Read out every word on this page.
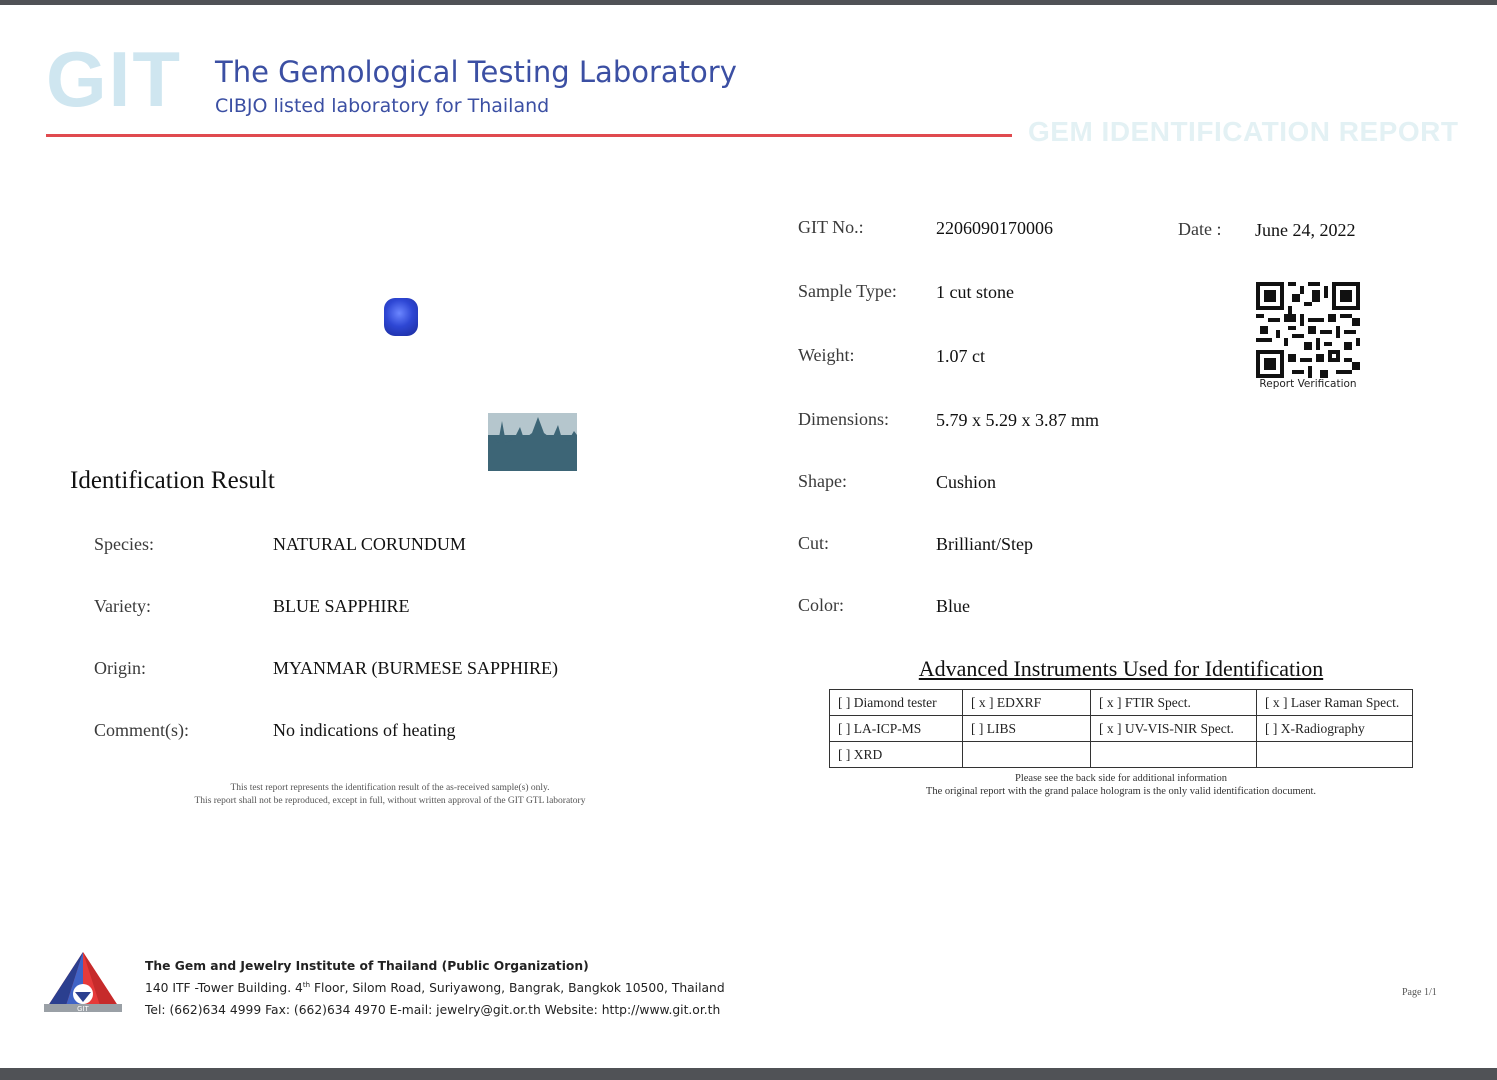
GIT The Gemological Testing Laboratory
CIBJO listed laboratory for Thailand
GEM IDENTIFICATION REPORT
Identification Result
Species:	NATURAL CORUNDUM
Variety:	BLUE SAPPHIRE
Origin:	MYANMAR (BURMESE SAPPHIRE)
Comment(s):	No indications of heating
This test report represents the identification result of the as-received sample(s) only.
This report shall not be reproduced, except in full, without written approval of the GIT GTL laboratory
GIT No.:	2206090170006	Date : June 24, 2022
Sample Type: 1 cut stone
Weight:	1.07 ct
Dimensions:	5.79 x 5.29 x 3.87 mm
Shape:	Cushion
Cut:	Brilliant/Step
Color:	Blue
Report Verification
Advanced Instruments Used for Identification
[ ] Diamond tester	[ x ] EDXRF	[ x ] FTIR Spect.	[ x ] Laser Raman Spect.
[ ] LA-ICP-MS	[ ] LIBS	[ x ] UV-VIS-NIR Spect.	[ ] X-Radiography
[ ] XRD			
Please see the back side for additional information
The original report with the grand palace hologram is the only valid identification document.
GIT
The Gem and Jewelry Institute of Thailand (Public Organization)
140 ITF -Tower Building. 4th Floor, Silom Road, Suriyawong, Bangrak, Bangkok 10500, Thailand
Tel: (662)634 4999 Fax: (662)634 4970 E-mail: jewelry@git.or.th Website: http://www.git.or.th
Page 1/1
